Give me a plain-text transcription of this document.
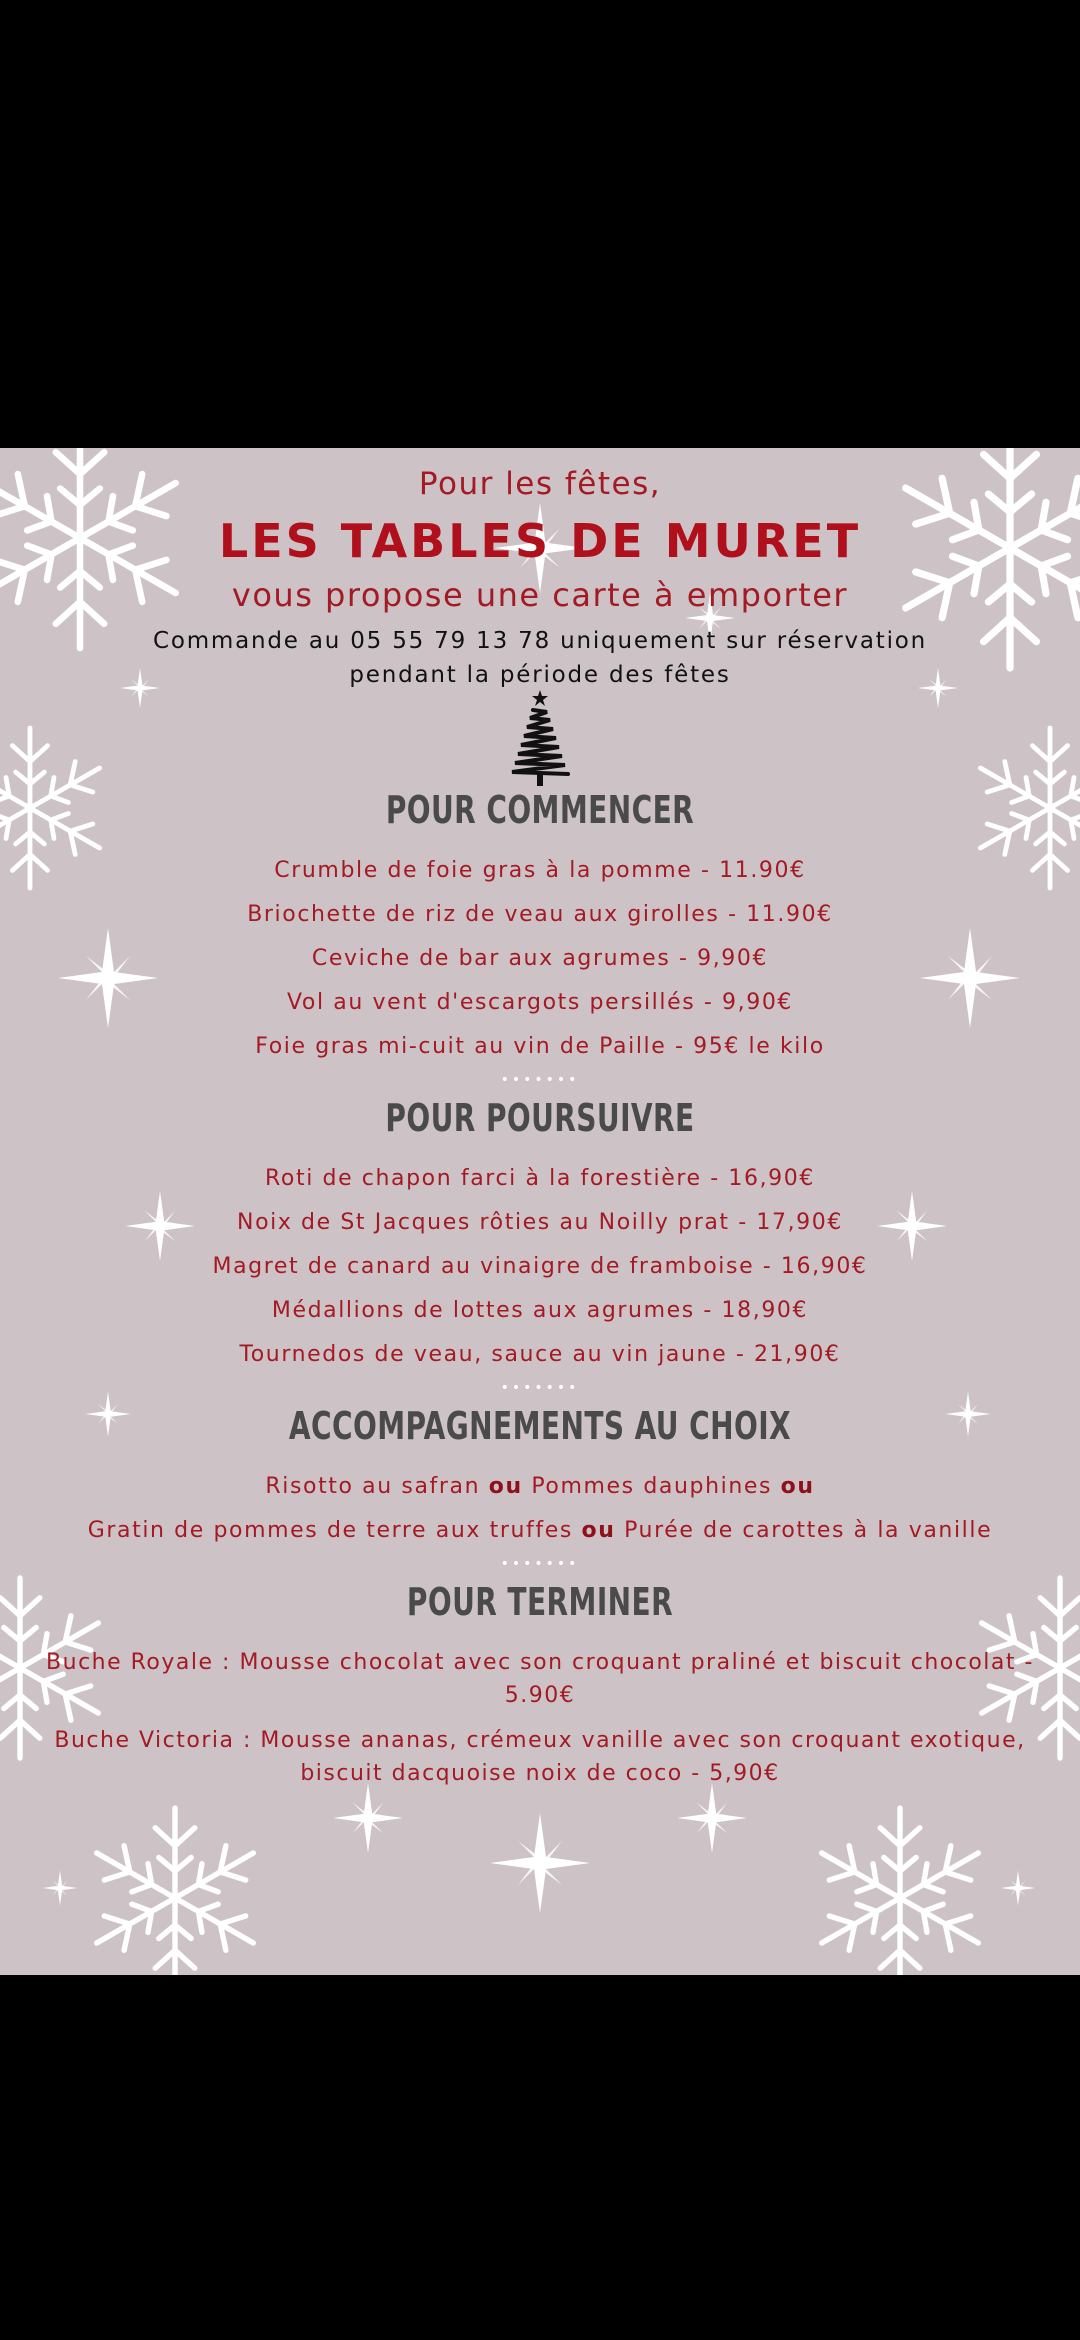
Pour les fêtes,
LES TABLES DE MURET
vous propose une carte à emporter
Commande au 05 55 79 13 78 uniquement sur réservation
pendant la période des fêtes
POUR COMMENCER
Crumble de foie gras à la pomme - 11.90€
Briochette de riz de veau aux girolles - 11.90€
Ceviche de bar aux agrumes - 9,90€
Vol au vent d'escargots persillés - 9,90€
Foie gras mi-cuit au vin de Paille - 95€ le kilo
•••••••
POUR POURSUIVRE
Roti de chapon farci à la forestière - 16,90€
Noix de St Jacques rôties au Noilly prat - 17,90€
Magret de canard au vinaigre de framboise - 16,90€
Médallions de lottes aux agrumes - 18,90€
Tournedos de veau, sauce au vin jaune - 21,90€
•••••••
ACCOMPAGNEMENTS AU CHOIX
Risotto au safran ou Pommes dauphines ou
Gratin de pommes de terre aux truffes ou Purée de carottes à la vanille
•••••••
POUR TERMINER
Buche Royale : Mousse chocolat avec son croquant praliné et biscuit chocolat - 5.90€
Buche Victoria : Mousse ananas, crémeux vanille avec son croquant exotique, biscuit dacquoise noix de coco - 5,90€
